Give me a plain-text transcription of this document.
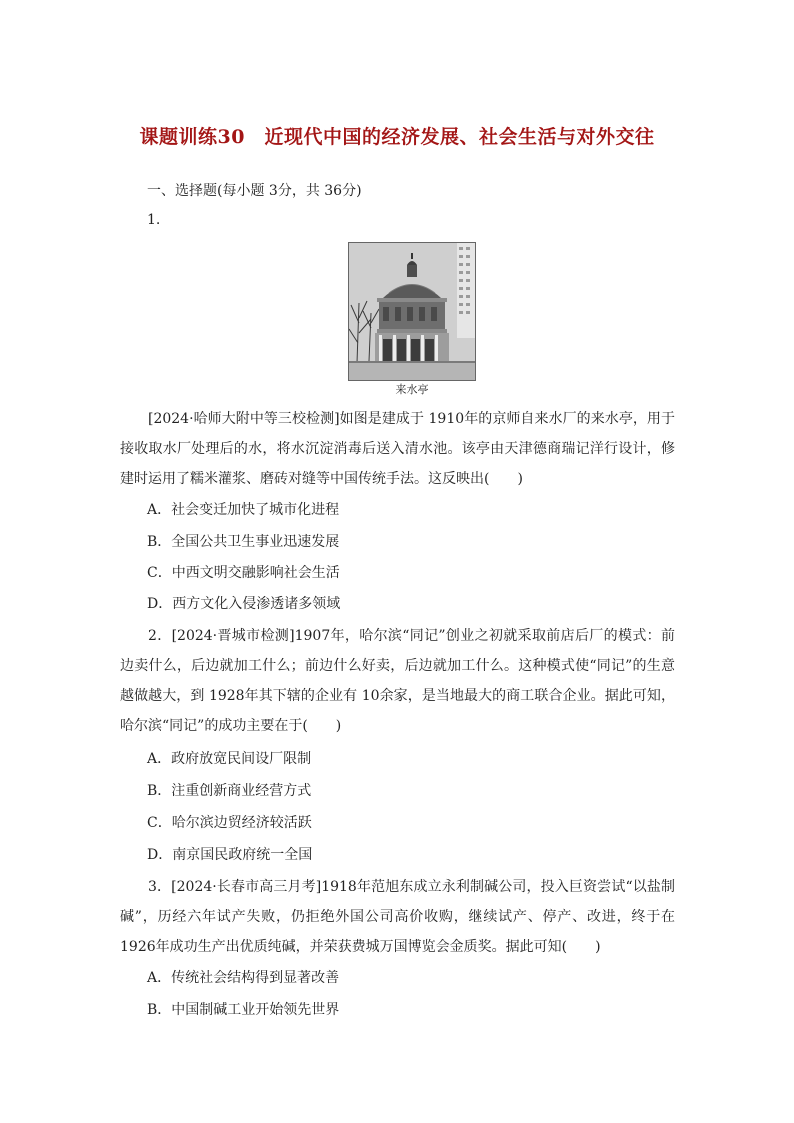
课题训练30　近现代中国的经济发展、社会生活与对外交往
一、选择题(每小题 3分，共 36分)
1.
来水亭
[2024·哈师大附中等三校检测]如图是建成于 1910年的京师自来水厂的来水亭，用于接收取水厂处理后的水，将水沉淀消毒后送入清水池。该亭由天津德商瑞记洋行设计，修建时运用了糯米灌浆、磨砖对缝等中国传统手法。这反映出(　　)
A．社会变迁加快了城市化进程
B．全国公共卫生事业迅速发展
C．中西文明交融影响社会生活
D．西方文化入侵渗透诸多领域
2．[2024·晋城市检测]1907年，哈尔滨“同记”创业之初就采取前店后厂的模式：前边卖什么，后边就加工什么；前边什么好卖，后边就加工什么。这种模式使“同记”的生意越做越大，到 1928年其下辖的企业有 10余家，是当地最大的商工联合企业。据此可知，哈尔滨“同记”的成功主要在于(　　)
A．政府放宽民间设厂限制
B．注重创新商业经营方式
C．哈尔滨边贸经济较活跃
D．南京国民政府统一全国
3．[2024·长春市高三月考]1918年范旭东成立永利制碱公司，投入巨资尝试“以盐制碱”，历经六年试产失败，仍拒绝外国公司高价收购，继续试产、停产、改进，终于在 1926年成功生产出优质纯碱，并荣获费城万国博览会金质奖。据此可知(　　)
A．传统社会结构得到显著改善
B．中国制碱工业开始领先世界
